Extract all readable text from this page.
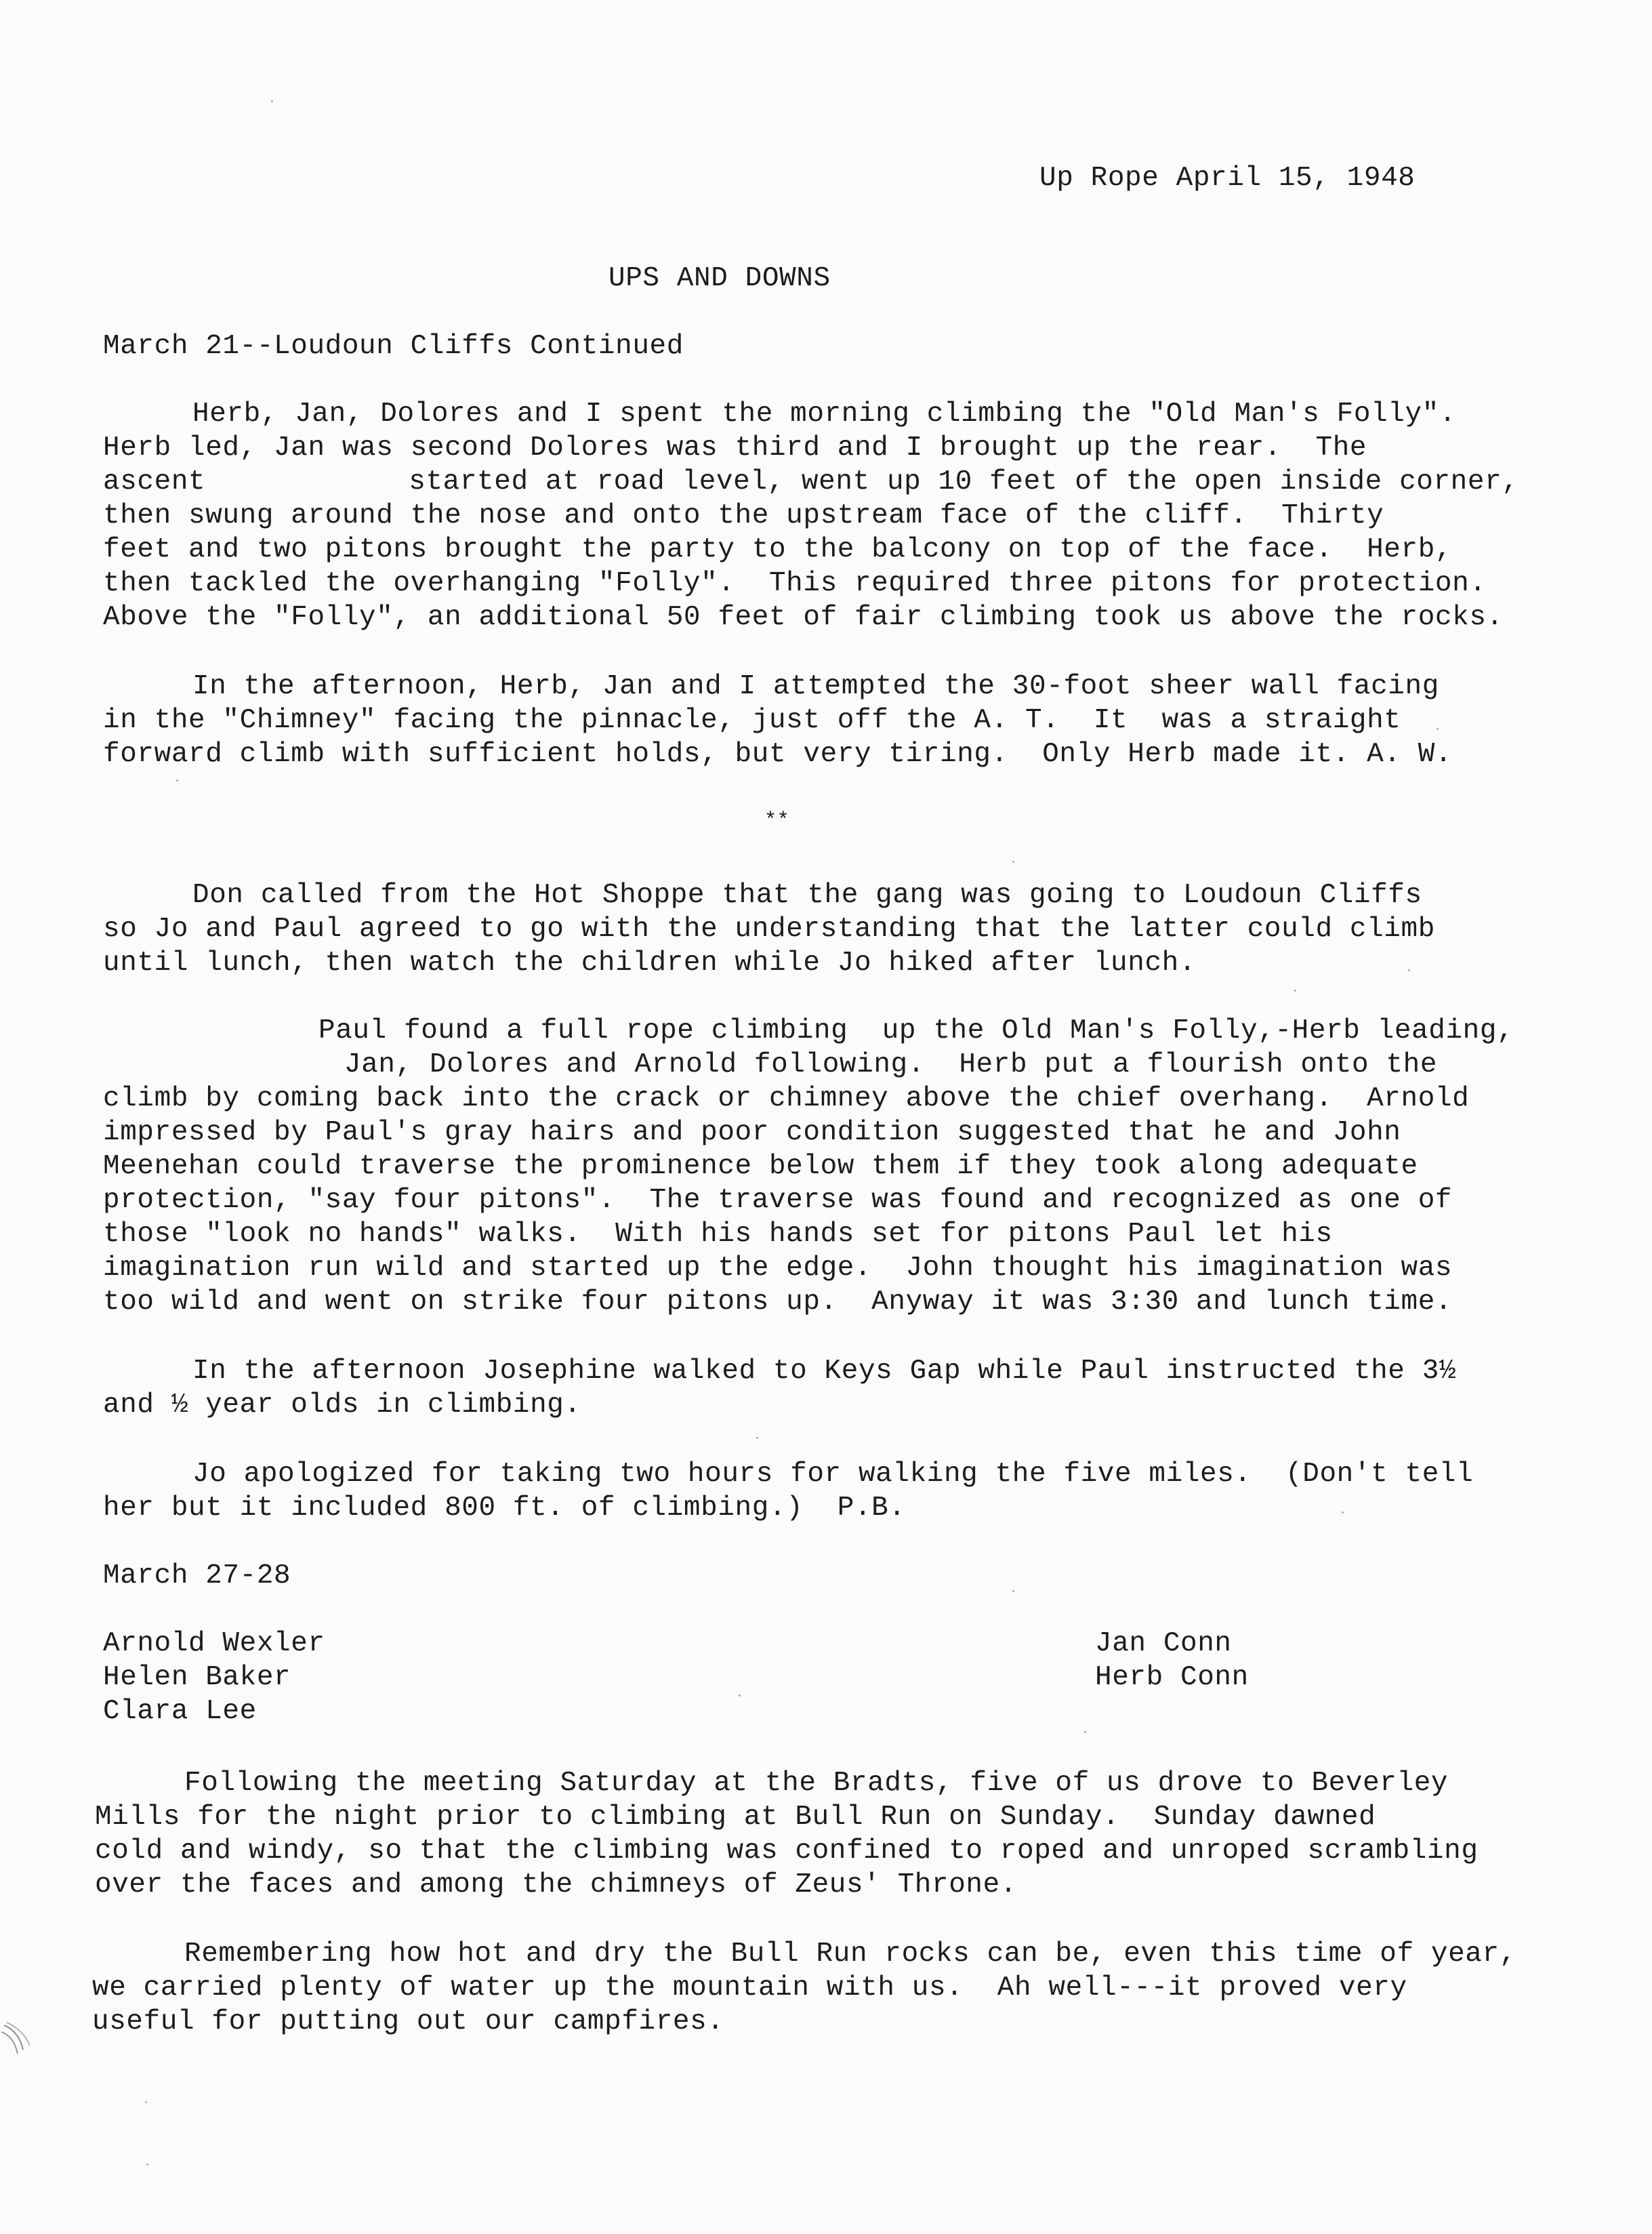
Up Rope April 15, 1948
UPS AND DOWNS
March 21--Loudoun Cliffs Continued
Herb, Jan, Dolores and I spent the morning climbing the "Old Man's Folly".
Herb led, Jan was second Dolores was third and I brought up the rear.  The
ascent	started at road level, went up 10 feet of the open inside corner,
then swung around the nose and onto the upstream face of the cliff.  Thirty
feet and two pitons brought the party to the balcony on top of the face.  Herb,
then tackled the overhanging "Folly".  This required three pitons for protection.
Above the "Folly", an additional 50 feet of fair climbing took us above the rocks.
In the afternoon, Herb, Jan and I attempted the 30-foot sheer wall facing
in the "Chimney" facing the pinnacle, just off the A. T.  It  was a straight
forward climb with sufficient holds, but very tiring.  Only Herb made it. A. W.
**
Don called from the Hot Shoppe that the gang was going to Loudoun Cliffs
so Jo and Paul agreed to go with the understanding that the latter could climb
until lunch, then watch the children while Jo hiked after lunch.
Paul found a full rope climbing  up the Old Man's Folly,-Herb leading,
Jan, Dolores and Arnold following.  Herb put a flourish onto the
climb by coming back into the crack or chimney above the chief overhang.  Arnold
impressed by Paul's gray hairs and poor condition suggested that he and John
Meenehan could traverse the prominence below them if they took along adequate
protection, "say four pitons".  The traverse was found and recognized as one of
those "look no hands" walks.  With his hands set for pitons Paul let his
imagination run wild and started up the edge.  John thought his imagination was
too wild and went on strike four pitons up.  Anyway it was 3:30 and lunch time.
In the afternoon Josephine walked to Keys Gap while Paul instructed the 3½
and ½ year olds in climbing.
Jo apologized for taking two hours for walking the five miles.  (Don't tell
her but it included 800 ft. of climbing.)  P.B.
March 27-28
Arnold Wexler
Helen Baker
Clara Lee
Jan Conn
Herb Conn
Following the meeting Saturday at the Bradts, five of us drove to Beverley
Mills for the night prior to climbing at Bull Run on Sunday.  Sunday dawned
cold and windy, so that the climbing was confined to roped and unroped scrambling
over the faces and among the chimneys of Zeus' Throne.
Remembering how hot and dry the Bull Run rocks can be, even this time of year,
we carried plenty of water up the mountain with us.  Ah well---it proved very
useful for putting out our campfires.
